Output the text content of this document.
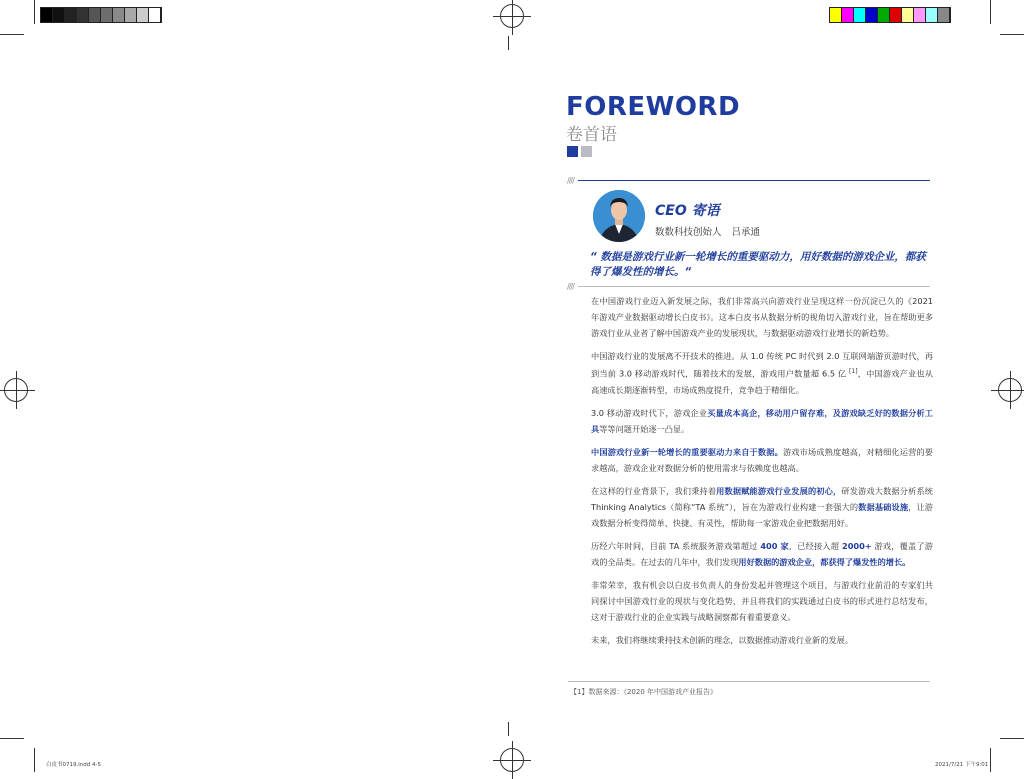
FOREWORD
卷首语
////
CEO 寄语
数数科技创始人 吕承通
“ 数据是游戏行业新一轮增长的重要驱动力，用好数据的游戏企业，都获得了爆发性的增长。“
////

在中国游戏行业迈入新发展之际，我们非常高兴向游戏行业呈现这样一份沉淀已久的《2021 年游戏产业数据驱动增长白皮书》。这本白皮书从数据分析的视角切入游戏行业，旨在帮助更多游戏行业从业者了解中国游戏产业的发展现状，与数据驱动游戏行业增长的新趋势。

中国游戏行业的发展离不开技术的推进。从 1.0 传统 PC 时代到 2.0 互联网端游页游时代，再到当前 3.0 移动游戏时代，随着技术的发展，游戏用户数量超 6.5 亿 [1]，中国游戏产业也从高速成长期逐渐转型，市场成熟度提升，竞争趋于精细化。

3.0 移动游戏时代下，游戏企业买量成本高企，移动用户留存难，及游戏缺乏好的数据分析工具等等问题开始逐一凸显。

中国游戏行业新一轮增长的重要驱动力来自于数据。游戏市场成熟度越高，对精细化运营的要求越高，游戏企业对数据分析的使用需求与依赖度也越高。

在这样的行业背景下，我们秉持着用数据赋能游戏行业发展的初心，研发游戏大数据分析系统 Thinking Analytics（简称“TA 系统”），旨在为游戏行业构建一套强大的数据基础设施，让游戏数据分析变得简单、快捷、有灵性，帮助每一家游戏企业把数据用好。

历经六年时间，目前 TA 系统服务游戏第超过 400 家，已经接入超 2000+ 游戏，覆盖了游戏的全品类。在过去的几年中，我们发现用好数据的游戏企业，都获得了爆发性的增长。

非常荣幸，我有机会以白皮书负责人的身份发起并管理这个项目，与游戏行业前沿的专家们共同探讨中国游戏行业的现状与变化趋势，并且将我们的实践通过白皮书的形式进行总结发布，这对于游戏行业的企业实践与战略洞察都有着重要意义。

未来，我们将继续秉持技术创新的理念，以数据推动游戏行业新的发展。

【1】数据来源：《2020 年中国游戏产业报告》
白皮书0719.indd 4-5	2021/7/21 下午9:01
